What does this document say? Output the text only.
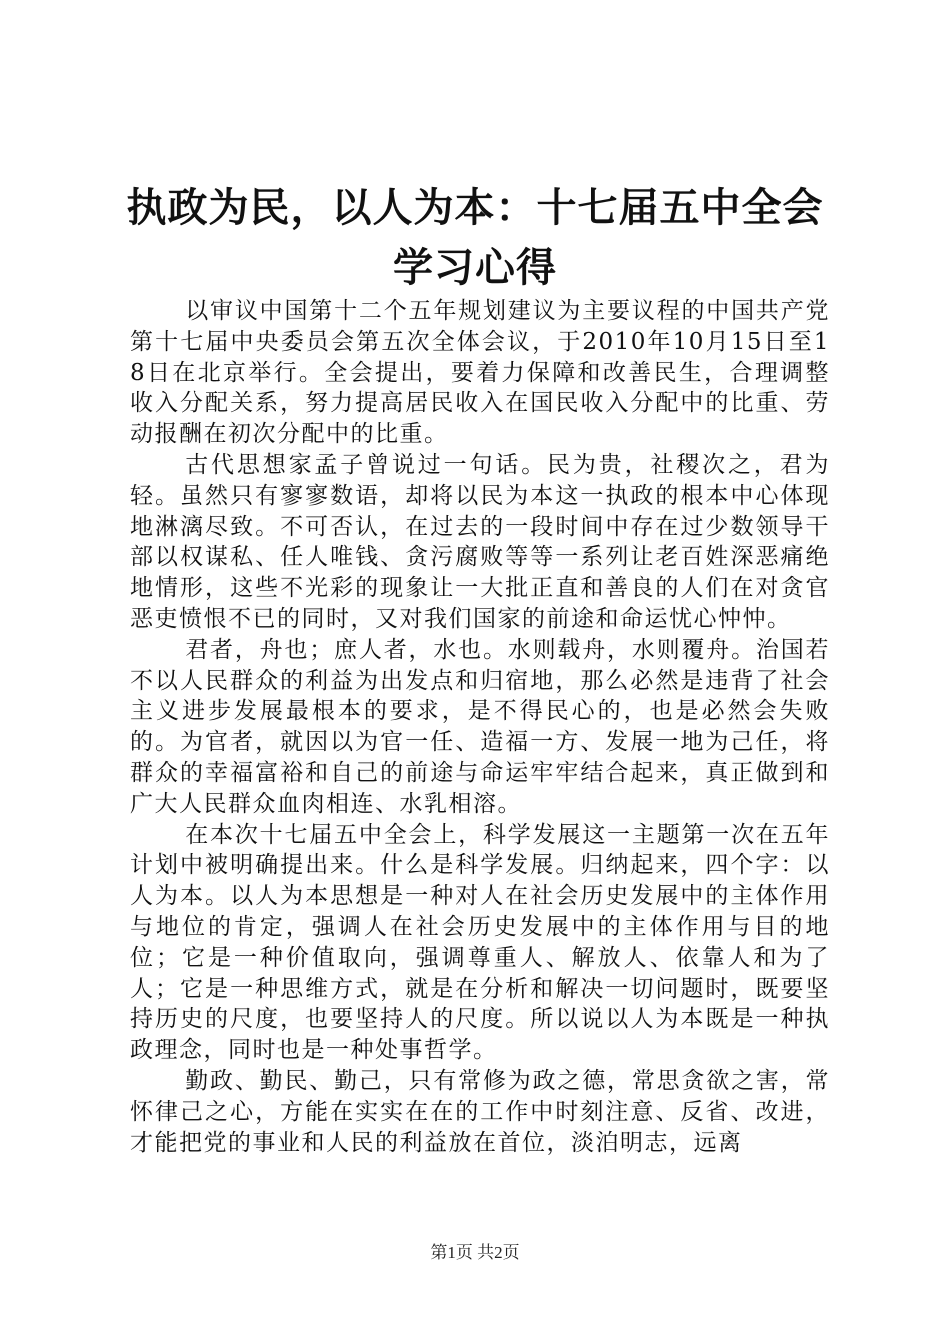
执政为民，以人为本：十七届五中全会学习心得

以审议中国第十二个五年规划建议为主要议程的中国共产党第十七届中央委员会第五次全体会议，于2010年10月15日至18日在北京举行。全会提出，要着力保障和改善民生，合理调整收入分配关系，努力提高居民收入在国民收入分配中的比重、劳动报酬在初次分配中的比重。

古代思想家孟子曾说过一句话。民为贵，社稷次之，君为轻。虽然只有寥寥数语，却将以民为本这一执政的根本中心体现地淋漓尽致。不可否认，在过去的一段时间中存在过少数领导干部以权谋私、任人唯钱、贪污腐败等等一系列让老百姓深恶痛绝地情形，这些不光彩的现象让一大批正直和善良的人们在对贪官恶吏愤恨不已的同时，又对我们国家的前途和命运忧心忡忡。

君者，舟也；庶人者，水也。水则载舟，水则覆舟。治国若不以人民群众的利益为出发点和归宿地，那么必然是违背了社会主义进步发展最根本的要求，是不得民心的，也是必然会失败的。为官者，就因以为官一任、造福一方、发展一地为己任，将群众的幸福富裕和自己的前途与命运牢牢结合起来，真正做到和广大人民群众血肉相连、水乳相溶。

在本次十七届五中全会上，科学发展这一主题第一次在五年计划中被明确提出来。什么是科学发展。归纳起来，四个字：以人为本。以人为本思想是一种对人在社会历史发展中的主体作用与地位的肯定，强调人在社会历史发展中的主体作用与目的地位；它是一种价值取向，强调尊重人、解放人、依靠人和为了人；它是一种思维方式，就是在分析和解决一切问题时，既要坚持历史的尺度，也要坚持人的尺度。所以说以人为本既是一种执政理念，同时也是一种处事哲学。

勤政、勤民、勤己，只有常修为政之德，常思贪欲之害，常怀律己之心，方能在实实在在的工作中时刻注意、反省、改进，才能把党的事业和人民的利益放在首位，淡泊明志，远离

第1页 共2页
